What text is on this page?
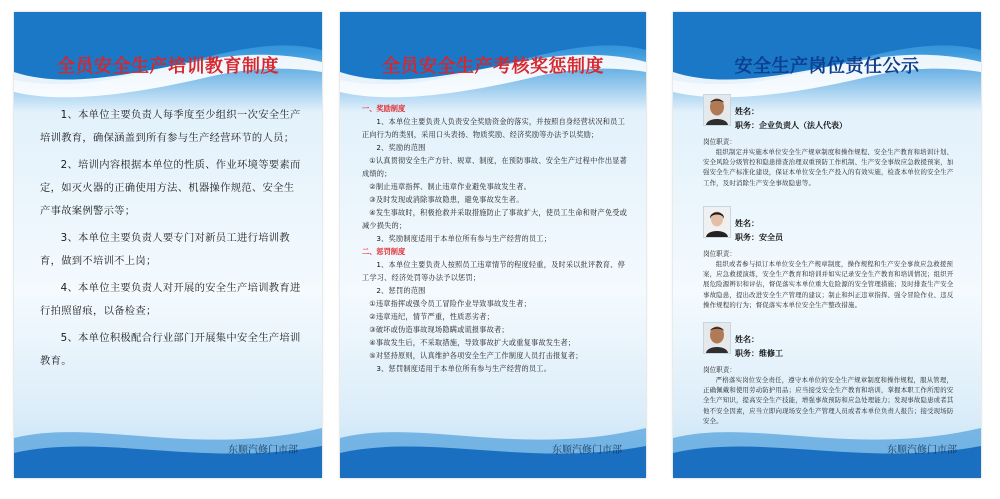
全员安全生产培训教育制度

1、本单位主要负责人每季度至少组织一次安全生产培训教育，确保涵盖到所有参与生产经营环节的人员；

2、培训内容根据本单位的性质、作业环境等要素而定，如灭火器的正确使用方法、机器操作规范、安全生产事故案例警示等；

3、本单位主要负责人要专门对新员工进行培训教育，做到不培训不上岗；

4、本单位主要负责人对开展的安全生产培训教育进行拍照留痕，以备检查；

5、本单位积极配合行业部门开展集中安全生产培训教育。

东顺汽修门市部
全员安全生产考核奖惩制度

一、奖励制度

1、本单位主要负责人负责安全奖励资金的落实，并按照自身经营状况和员工正向行为的类别，采用口头表扬、物质奖励、经济奖励等办法予以奖励；

2、奖励的范围

①认真贯彻安全生产方针、规章、制度，在预防事故、安全生产过程中作出显著成绩的；

②制止违章指挥、制止违章作业避免事故发生者。

③及时发现或消除事故隐患，避免事故发生者。

④发生事故时，积极抢救并采取措施防止了事故扩大，使员工生命和财产免受或减少损失的；

3、奖励制度适用于本单位所有参与生产经营的员工；

二、惩罚制度

1、本单位主要负责人按照员工违章情节的程度轻重，及时采以批评教育、停工学习、经济处罚等办法予以惩罚；

2、惩罚的范围

①违章指挥或强令员工冒险作业导致事故发生者；

②违章违纪，情节严重，性质恶劣者；

③破坏或伪造事故现场隐瞒或谎报事故者；

④事故发生后，不采取措施，导致事故扩大或重复事故发生者；

⑤对竖持原则，认真维护各项安全生产工作制度人员打击报复者；

3、惩罚制度适用于本单位所有参与生产经营的员工。

东顺汽修门市部
安全生产岗位责任公示
姓名：
职务：企业负责人（法人代表）
岗位职责：

组织制定并实施本单位安全生产规章制度和操作规程、安全生产教育和培训计划、安全风险分级管控和隐患排查治理双重预防工作机制、生产安全事故应急救援预案，加强安全生产标准化建设，保证本单位安全生产投入的有效实施，检查本单位的安全生产工作，及时消除生产安全事故隐患等。

姓名：
职务：安全员
岗位职责：

组织或者参与拟订本单位安全生产规章制度，操作规程和生产安全事故应急救援预案，应急救援演练，安全生产教育和培训并如实记录安全生产教育和培训情况；组织开展危险源辨识和评估，督促落实本单位重大危险源的安全管理措施；及时排查生产安全事故隐患，提出改进安全生产管理的建议；制止和纠正违章指挥、强令冒险作业、违反操作规程的行为；督促落实本单位安全生产整改措施。

姓名：
职务：维修工
岗位职责：

严格落实岗位安全责任，遵守本单位的安全生产规章制度和操作规程，服从管理，正确佩戴和使用劳动防护用品；应当接受安全生产教育和培训，掌握本职工作所需的安全生产知识，提高安全生产技能，增强事故预防和应急处理能力；发现事故隐患或者其他不安全因素，应当立即向现场安全生产管理人员或者本单位负责人报告；接受现场防安全。

东顺汽修门市部
